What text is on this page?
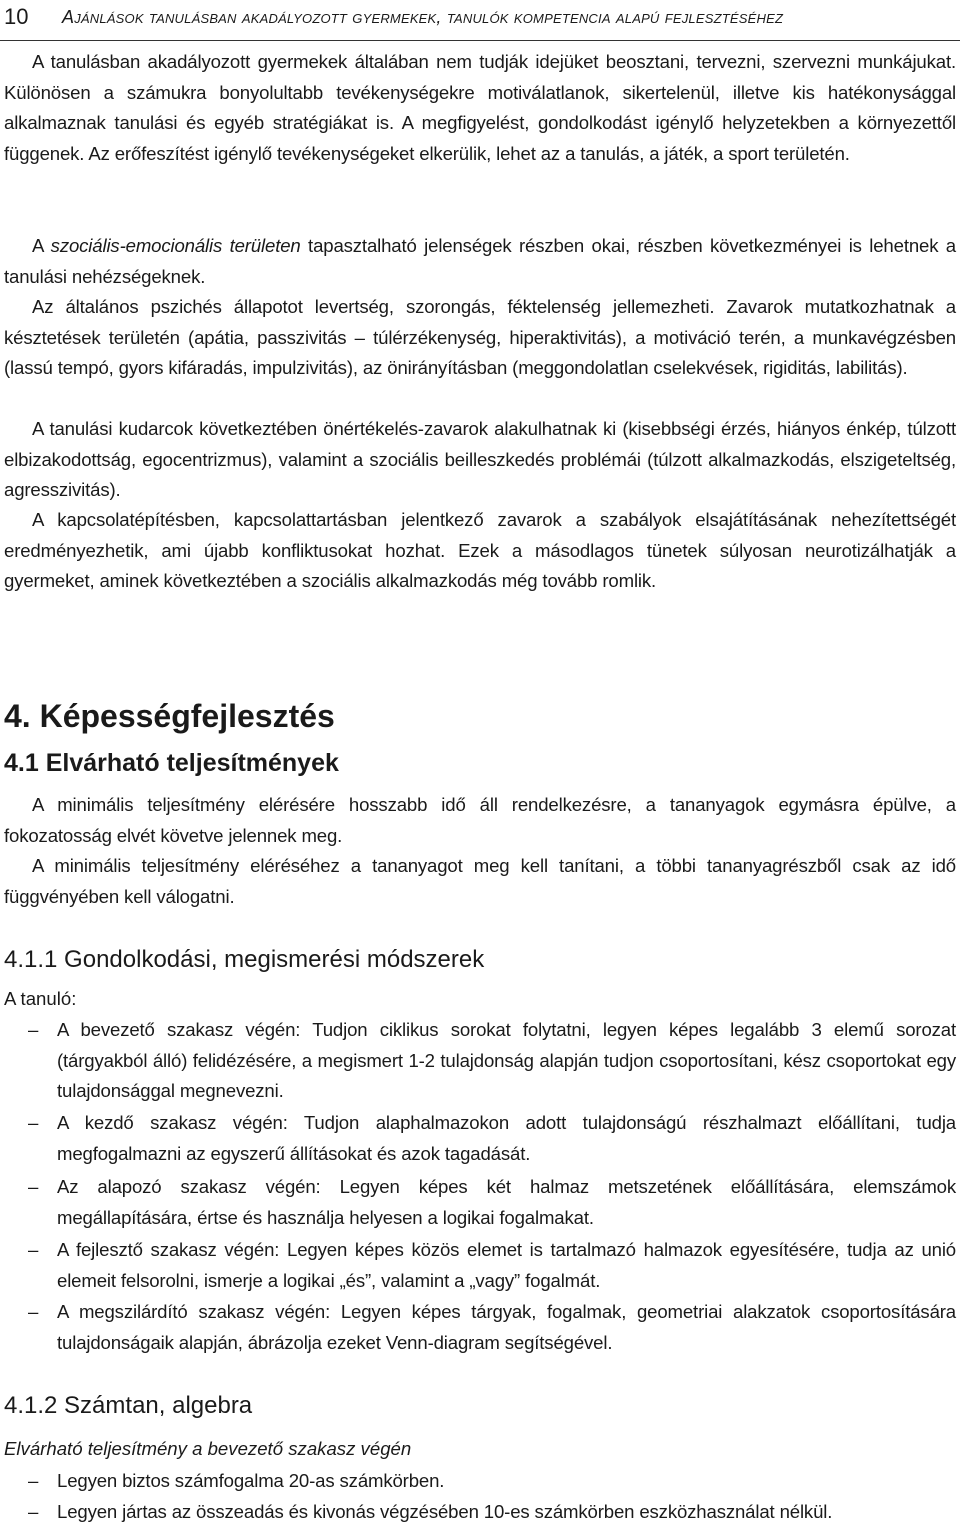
10 Ajánlások tanulásban akadályozott gyermekek, tanulók kompetencia alapú fejlesztéséhez

A tanulásban akadályozott gyermekek általában nem tudják idejüket beosztani, tervezni, szervezni munkájukat. Különösen a számukra bonyolultabb tevékenységekre motiválatlanok, sikertelenül, illetve kis hatékonysággal alkalmaznak tanulási és egyéb stratégiákat is. A megfigyelést, gondolkodást igénylő helyzetekben a környezettől függenek. Az erőfeszítést igénylő tevékenységeket elkerülik, lehet az a tanulás, a játék, a sport területén.

A szociális-emocionális területen tapasztalható jelenségek részben okai, részben következményei is lehetnek a tanulási nehézségeknek.

Az általános pszichés állapotot levertség, szorongás, féktelenség jellemezheti. Zavarok mutatkozhatnak a késztetések területén (apátia, passzivitás – túlérzékenység, hiperaktivitás), a motiváció terén, a munkavégzésben (lassú tempó, gyors kifáradás, impulzivitás), az önirányításban (meggondolatlan cselekvések, rigiditás, labilitás).

A tanulási kudarcok következtében önértékelés-zavarok alakulhatnak ki (kisebbségi érzés, hiányos énkép, túlzott elbizakodottság, egocentrizmus), valamint a szociális beilleszkedés problémái (túlzott alkalmazkodás, elszigeteltség, agresszivitás).

A kapcsolatépítésben, kapcsolattartásban jelentkező zavarok a szabályok elsajátításának nehezítettségét eredményezhetik, ami újabb konfliktusokat hozhat. Ezek a másodlagos tünetek súlyosan neurotizálhatják a gyermeket, aminek következtében a szociális alkalmazkodás még tovább romlik.

4. Képességfejlesztés
4.1 Elvárható teljesítmények

A minimális teljesítmény elérésére hosszabb idő áll rendelkezésre, a tananyagok egymásra épülve, a fokozatosság elvét követve jelennek meg.

A minimális teljesítmény eléréséhez a tananyagot meg kell tanítani, a többi tananyagrészből csak az idő függvényében kell válogatni.

4.1.1 Gondolkodási, megismerési módszerek

A tanuló:

– A bevezető szakasz végén: Tudjon ciklikus sorokat folytatni, legyen képes legalább 3 elemű sorozat (tárgyakból álló) felidézésére, a megismert 1-2 tulajdonság alapján tudjon csoportosítani, kész csoportokat egy tulajdonsággal megnevezni.

– A kezdő szakasz végén: Tudjon alaphalmazokon adott tulajdonságú részhalmazt előállítani, tudja megfogalmazni az egyszerű állításokat és azok tagadását.

– Az alapozó szakasz végén: Legyen képes két halmaz metszetének előállítására, elemszámok megállapítására, értse és használja helyesen a logikai fogalmakat.

– A fejlesztő szakasz végén: Legyen képes közös elemet is tartalmazó halmazok egyesítésére, tudja az unió elemeit felsorolni, ismerje a logikai „és”, valamint a „vagy” fogalmát.

– A megszilárdító szakasz végén: Legyen képes tárgyak, fogalmak, geometriai alakzatok csoportosítására tulajdonságaik alapján, ábrázolja ezeket Venn-diagram segítségével.

4.1.2 Számtan, algebra

Elvárható teljesítmény a bevezető szakasz végén

– Legyen biztos számfogalma 20-as számkörben.

– Legyen jártas az összeadás és kivonás végzésében 10-es számkörben eszközhasználat nélkül.
